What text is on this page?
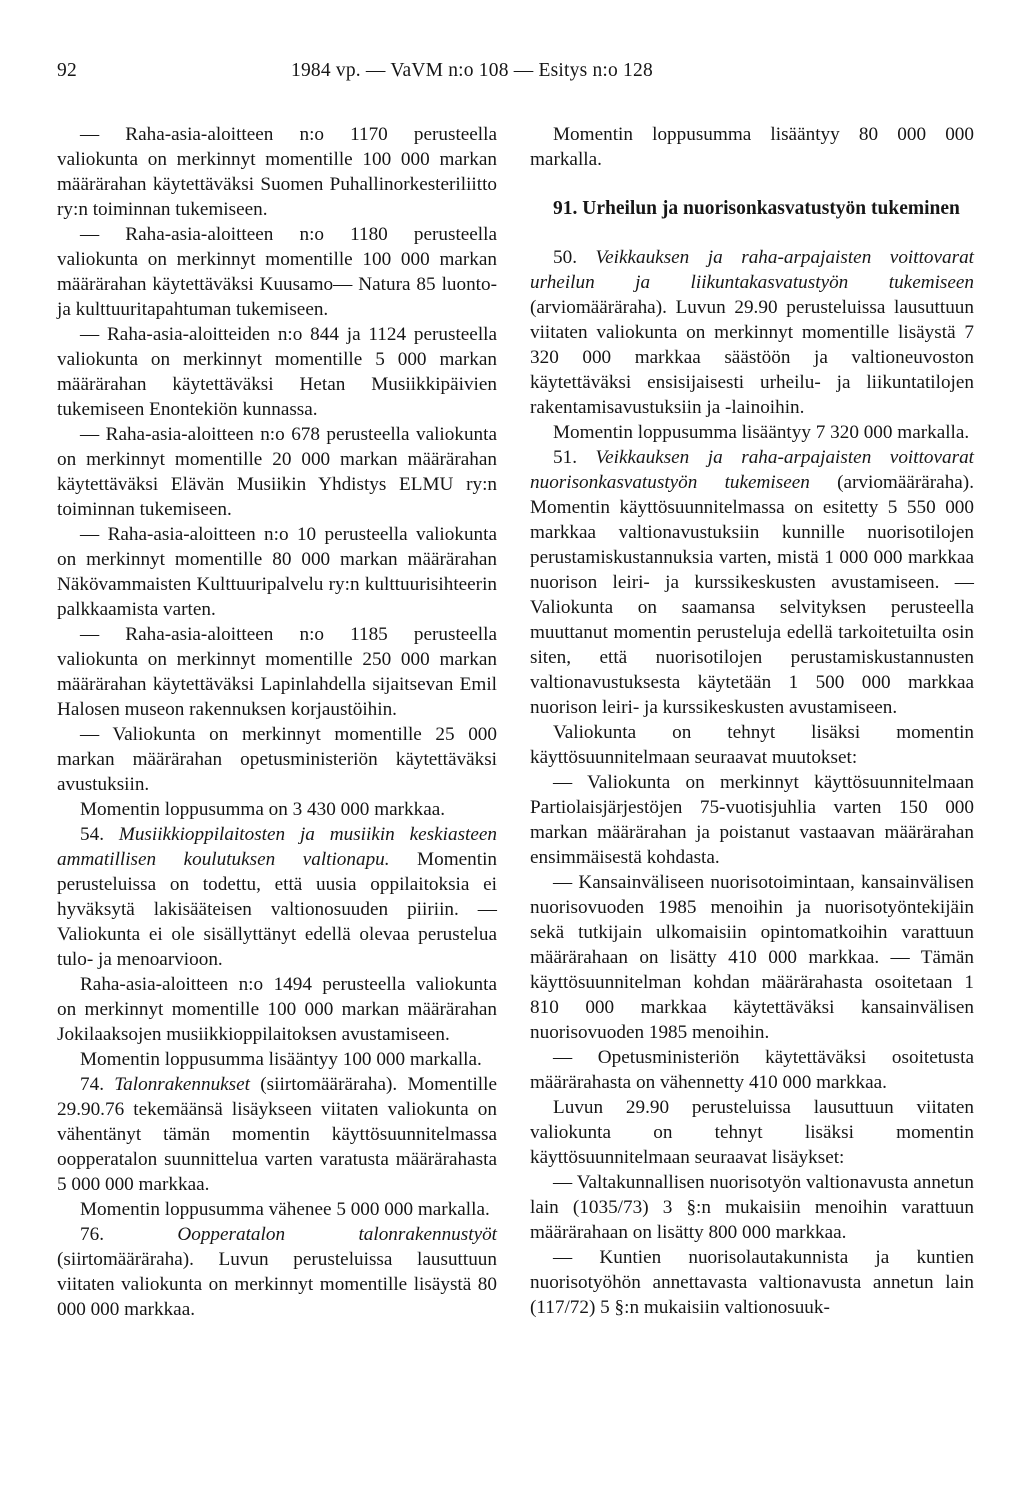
92	1984 vp. — VaVM n:o 108 — Esitys n:o 128

— Raha-asia-aloitteen n:o 1170 perusteella valiokunta on merkinnyt momentille 100 000 markan määrärahan käytettäväksi Suomen Puhallinorkesteriliitto ry:n toiminnan tukemiseen.

— Raha-asia-aloitteen n:o 1180 perusteella valiokunta on merkinnyt momentille 100 000 markan määrärahan käytettäväksi Kuusamo— Natura 85 luonto- ja kulttuuritapahtuman tukemiseen.

— Raha-asia-aloitteiden n:o 844 ja 1124 perusteella valiokunta on merkinnyt momentille 5 000 markan määrärahan käytettäväksi Hetan Musiikkipäivien tukemiseen Enontekiön kunnassa.

— Raha-asia-aloitteen n:o 678 perusteella valiokunta on merkinnyt momentille 20 000 markan määrärahan käytettäväksi Elävän Musiikin Yhdistys ELMU ry:n toiminnan tukemiseen.

— Raha-asia-aloitteen n:o 10 perusteella valiokunta on merkinnyt momentille 80 000 markan määrärahan Näkövammaisten Kulttuuripalvelu ry:n kulttuurisihteerin palkkaamista varten.

— Raha-asia-aloitteen n:o 1185 perusteella valiokunta on merkinnyt momentille 250 000 markan määrärahan käytettäväksi Lapinlahdella sijaitsevan Emil Halosen museon rakennuksen korjaustöihin.

— Valiokunta on merkinnyt momentille 25 000 markan määrärahan opetusministeriön käytettäväksi avustuksiin.

Momentin loppusumma on 3 430 000 markkaa.

54. Musiikkioppilaitosten ja musiikin keskiasteen ammatillisen koulutuksen valtionapu. Momentin perusteluissa on todettu, että uusia oppilaitoksia ei hyväksytä lakisääteisen valtionosuuden piiriin. — Valiokunta ei ole sisällyttänyt edellä olevaa perustelua tulo- ja menoarvioon.

Raha-asia-aloitteen n:o 1494 perusteella valiokunta on merkinnyt momentille 100 000 markan määrärahan Jokilaaksojen musiikkioppilaitoksen avustamiseen.

Momentin loppusumma lisääntyy 100 000 markalla.

74. Talonrakennukset (siirtomääräraha). Momentille 29.90.76 tekemäänsä lisäykseen viitaten valiokunta on vähentänyt tämän momentin käyttösuunnitelmassa oopperatalon suunnittelua varten varatusta määrärahasta 5 000 000 markkaa.

Momentin loppusumma vähenee 5 000 000 markalla.

76.	Oopperatalon talonrakennustyöt (siirtomääräraha). Luvun perusteluissa lausuttuun viitaten valiokunta on merkinnyt momentille lisäystä 80 000 000 markkaa.

Momentin loppusumma lisääntyy 80 000 000 markalla.

91. Urheilun ja nuorisonkasvatustyön tukeminen

50. Veikkauksen ja raha-arpajaisten voittovarat urheilun ja liikuntakasvatustyön tukemiseen (arviomääräraha). Luvun 29.90 perusteluissa lausuttuun viitaten valiokunta on merkinnyt momentille lisäystä 7 320 000 markkaa säästöön ja valtioneuvoston käytettäväksi ensisijaisesti urheilu- ja liikuntatilojen rakentamisavustuksiin ja -lainoihin.

Momentin loppusumma lisääntyy 7 320 000 markalla.

51. Veikkauksen ja raha-arpajaisten voittovarat nuorisonkasvatustyön tukemiseen (arviomääräraha). Momentin käyttösuunnitelmassa on esitetty 5 550 000 markkaa valtionavustuksiin kunnille nuorisotilojen perustamiskustannuksia varten, mistä 1 000 000 markkaa nuorison leiri- ja kurssikeskusten avustamiseen. — Valiokunta on saamansa selvityksen perusteella muuttanut momentin perusteluja edellä tarkoitetuilta osin siten, että nuorisotilojen perustamiskustannusten valtionavustuksesta käytetään 1 500 000 markkaa nuorison leiri- ja kurssikeskusten avustamiseen.

Valiokunta on tehnyt lisäksi momentin käyttösuunnitelmaan seuraavat muutokset:

— Valiokunta on merkinnyt käyttösuunnitelmaan Partiolaisjärjestöjen 75-vuotisjuhlia varten 150 000 markan määrärahan ja poistanut vastaavan määrärahan ensimmäisestä kohdasta.

— Kansainväliseen nuorisotoimintaan, kansainvälisen nuorisovuoden 1985 menoihin ja nuorisotyöntekijäin sekä tutkijain ulkomaisiin opintomatkoihin varattuun määrärahaan on lisätty 410 000 markkaa. — Tämän käyttösuunnitelman kohdan määrärahasta osoitetaan 1 810 000 markkaa käytettäväksi kansainvälisen nuorisovuoden 1985 menoihin.

— Opetusministeriön käytettäväksi osoitetusta määrärahasta on vähennetty 410 000 markkaa.

Luvun 29.90 perusteluissa lausuttuun viitaten valiokunta on tehnyt lisäksi momentin käyttösuunnitelmaan seuraavat lisäykset:

— Valtakunnallisen nuorisotyön valtionavusta annetun lain (1035/73) 3 §:n mukaisiin menoihin varattuun määrärahaan on lisätty 800 000 markkaa.

— Kuntien nuorisolautakunnista ja kuntien nuorisotyöhön annettavasta valtionavusta annetun lain (117/72) 5 §:n mukaisiin valtionosuuk-
